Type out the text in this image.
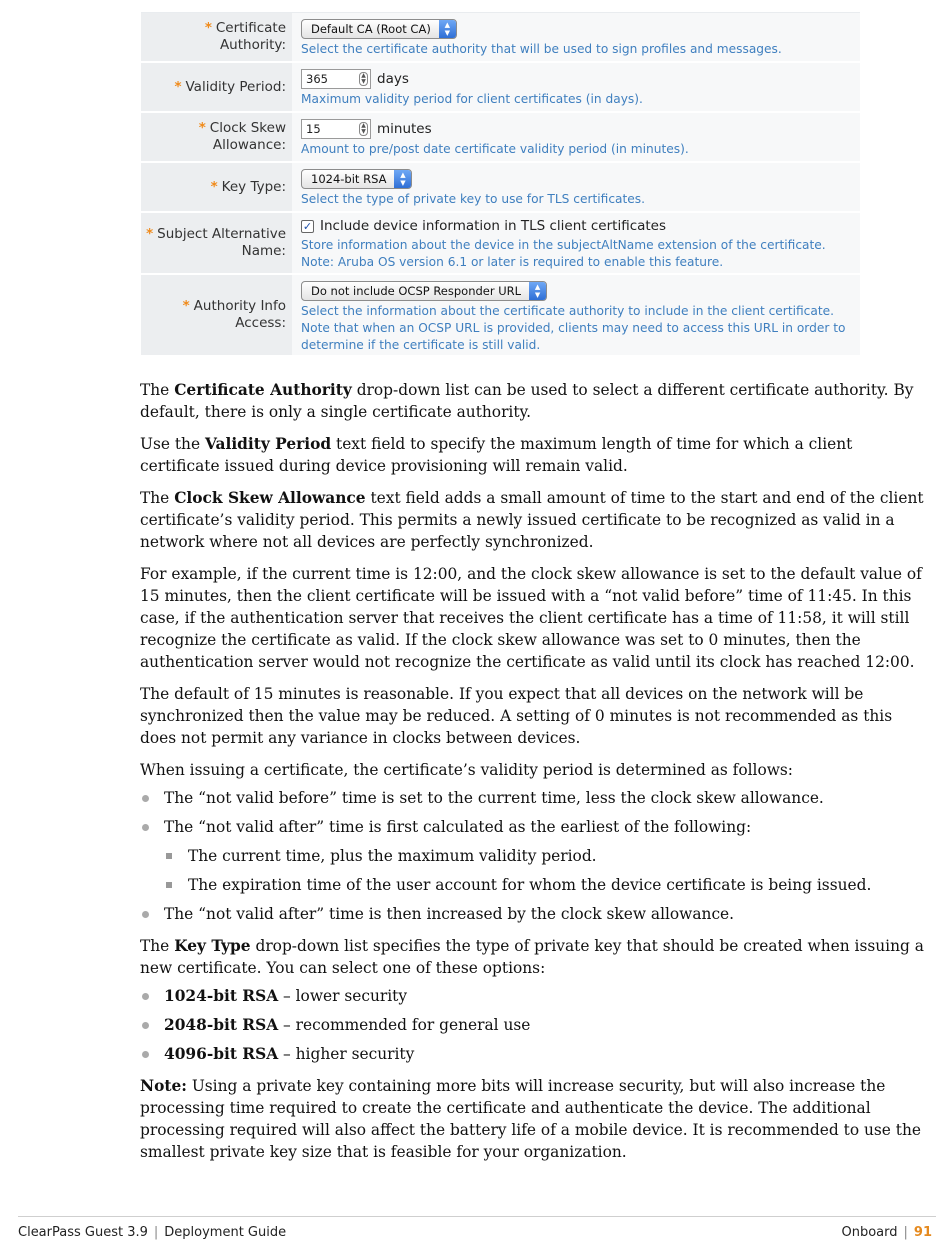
* Certificate
Authority:
Default CA (Root CA) ▲
▼
Select the certificate authority that will be used to sign profiles and messages.
* Validity Period: 365	▲
▼ days
Maximum validity period for client certificates (in days).
* Clock Skew
Allowance:
15	▲
▼ minutes
Amount to pre/post date certificate validity period (in minutes).
* Key Type: 1024-bit RSA ▲
▼
Select the type of private key to use for TLS certificates.
* Subject Alternative
Name:
✓ Include device information in TLS client certificates
Store information about the device in the subjectAltName extension of the certificate.
Note: Aruba OS version 6.1 or later is required to enable this feature.
* Authority Info
Access:
Do not include OCSP Responder URL ▲
▼
Select the information about the certificate authority to include in the client certificate.
Note that when an OCSP URL is provided, clients may need to access this URL in order to
determine if the certificate is still valid.

The Certificate Authority drop-down list can be used to select a different certificate authority. By default, there is only a single certificate authority.

Use the Validity Period text field to specify the maximum length of time for which a client certificate issued during device provisioning will remain valid.

The Clock Skew Allowance text field adds a small amount of time to the start and end of the client certificate’s validity period. This permits a newly issued certificate to be recognized as valid in a network where not all devices are perfectly synchronized.

For example, if the current time is 12:00, and the clock skew allowance is set to the default value of 15 minutes, then the client certificate will be issued with a “not valid before” time of 11:45. In this case, if the authentication server that receives the client certificate has a time of 11:58, it will still recognize the certificate as valid. If the clock skew allowance was set to 0 minutes, then the authentication server would not recognize the certificate as valid until its clock has reached 12:00.

The default of 15 minutes is reasonable. If you expect that all devices on the network will be synchronized then the value may be reduced. A setting of 0 minutes is not recommended as this does not permit any variance in clocks between devices.

When issuing a certificate, the certificate’s validity period is determined as follows:

The “not valid before” time is set to the current time, less the clock skew allowance.
The “not valid after” time is first calculated as the earliest of the following:
The current time, plus the maximum validity period.
The expiration time of the user account for whom the device certificate is being issued.
The “not valid after” time is then increased by the clock skew allowance.

The Key Type drop-down list specifies the type of private key that should be created when issuing a new certificate. You can select one of these options:

1024-bit RSA – lower security
2048-bit RSA – recommended for general use
4096-bit RSA – higher security

Note: Using a private key containing more bits will increase security, but will also increase the processing time required to create the certificate and authenticate the device. The additional processing required will also affect the battery life of a mobile device. It is recommended to use the smallest private key size that is feasible for your organization.

ClearPass Guest 3.9 | Deployment Guide	Onboard | 91
